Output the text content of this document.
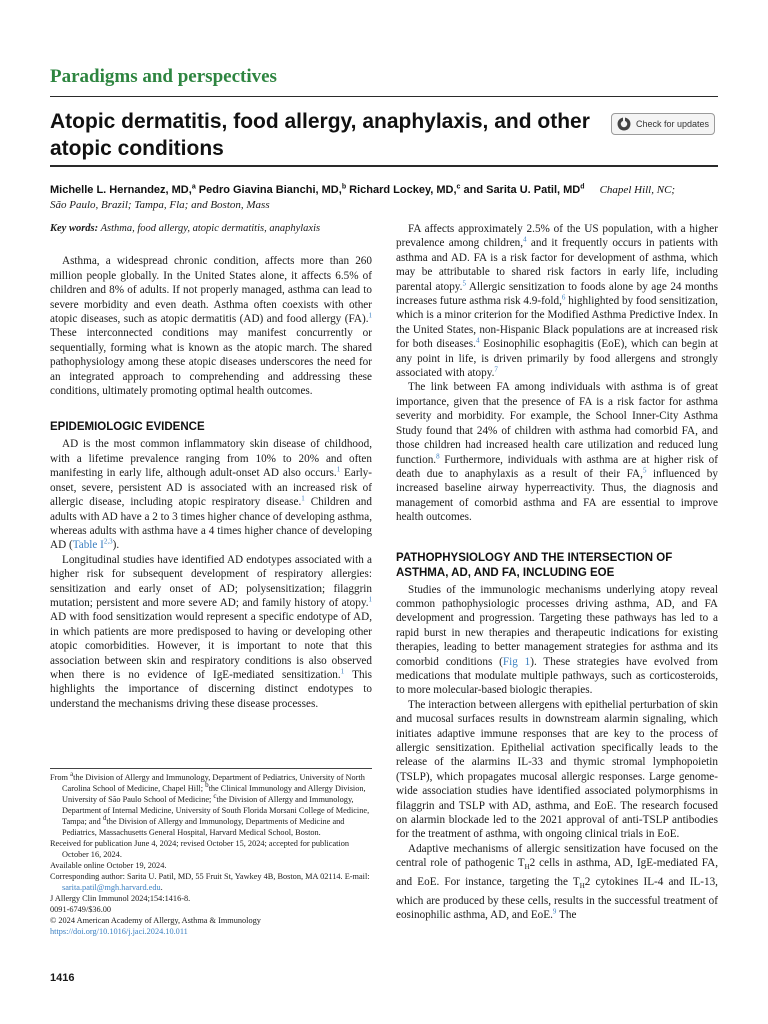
Paradigms and perspectives
Atopic dermatitis, food allergy, anaphylaxis, and other atopic conditions
Check for updates
Michelle L. Hernandez, MD,$^a$ Pedro Giavina Bianchi, MD,$^b$ Richard Lockey, MD,$^c$ and Sarita U. Patil, $MD^d$ Chapel Hill, NC;
São Paulo, Brazil; Tampa, Fla; and Boston, Mass
Key words: Asthma, food allergy, atopic dermatitis, anaphylaxis

Asthma, a widespread chronic condition, affects more than 260 million people globally. In the United States alone, it affects 6.5% of children and 8% of adults. If not properly managed, asthma can lead to severe morbidity and even death. Asthma often coexists with other atopic diseases, such as atopic dermatitis (AD) and food allergy (FA).$^1$ These interconnected conditions may manifest concurrently or sequentially, forming what is known as the atopic march. The shared pathophysiology among these atopic diseases underscores the need for an integrated approach to comprehending and addressing these conditions, ultimately promoting optimal health outcomes.

EPIDEMIOLOGIC EVIDENCE

AD is the most common inflammatory skin disease of childhood, with a lifetime prevalence ranging from 10% to 20% and often manifesting in early life, although adult-onset AD also occurs.$^1$ Early-onset, severe, persistent AD is associated with an increased risk of allergic disease, including atopic respiratory disease.$^1$ Children and adults with AD have a 2 to 3 times higher chance of developing asthma, whereas adults with asthma have a 4 times higher chance of developing AD (Table I$^{2,3}$).

Longitudinal studies have identified AD endotypes associated with a higher risk for subsequent development of respiratory allergies: sensitization and early onset of AD; polysensitization; filaggrin mutation; persistent and more severe AD; and family history of atopy.$^1$ AD with food sensitization would represent a specific endotype of AD, in which patients are more predisposed to having or developing other atopic comorbidities. However, it is important to note that this association between skin and respiratory conditions is also observed when there is no evidence of IgE-mediated sensitization.$^1$ This highlights the importance of discerning distinct endotypes to understand the mechanisms driving these disease processes.

From $^a$the Division of Allergy and Immunology, Department of Pediatrics, University of North Carolina School of Medicine, Chapel Hill; $^b$the Clinical Immunology and Allergy Division, University of São Paulo School of Medicine; $^c$the Division of Allergy and Immunology, Department of Internal Medicine, University of South Florida Morsani College of Medicine, Tampa; and $^d$the Division of Allergy and Immunology, Departments of Medicine and Pediatrics, Massachusetts General Hospital, Harvard Medical School, Boston.

Received for publication June 4, 2024; revised October 15, 2024; accepted for publication October 16, 2024.

Available online October 19, 2024.

Corresponding author: Sarita U. Patil, MD, 55 Fruit St, Yawkey 4B, Boston, MA 02114. E-mail: sarita.patil@mgh.harvard.edu.

J Allergy Clin Immunol 2024;154:1416-8.

0091-6749/$36.00

© 2024 American Academy of Allergy, Asthma & Immunology

https://doi.org/10.1016/j.jaci.2024.10.011

FA affects approximately 2.5% of the US population, with a higher prevalence among children,$^4$ and it frequently occurs in patients with asthma and AD. FA is a risk factor for development of asthma, which may be attributable to shared risk factors in early life, including parental atopy.$^5$ Allergic sensitization to foods alone by age 24 months increases future asthma risk 4.9-fold,$^6$ highlighted by food sensitization, which is a minor criterion for the Modified Asthma Predictive Index. In the United States, non-Hispanic Black populations are at increased risk for both diseases.$^4$ Eosinophilic esophagitis (EoE), which can begin at any point in life, is driven primarily by food allergens and strongly associated with atopy.$^7$

The link between FA among individuals with asthma is of great importance, given that the presence of FA is a risk factor for asthma severity and morbidity. For example, the School Inner-City Asthma Study found that 24% of children with asthma had comorbid FA, and those children had increased health care utilization and reduced lung function.$^8$ Furthermore, individuals with asthma are at higher risk of death due to anaphylaxis as a result of their FA,$^5$ influenced by increased baseline airway hyperreactivity. Thus, the diagnosis and management of comorbid asthma and FA are essential to improve health outcomes.

PATHOPHYSIOLOGY AND THE INTERSECTION OF ASTHMA, AD, AND FA, INCLUDING EOE

Studies of the immunologic mechanisms underlying atopy reveal common pathophysiologic processes driving asthma, AD, and FA development and progression. Targeting these pathways has led to a rapid burst in new therapies and therapeutic indications for existing therapies, leading to better management strategies for asthma and its comorbid conditions (Fig 1). These strategies have evolved from medications that modulate multiple pathways, such as corticosteroids, to more molecular-based biologic therapies.

The interaction between allergens with epithelial perturbation of skin and mucosal surfaces results in downstream alarmin signaling, which initiates adaptive immune responses that are key to the process of allergic sensitization. Epithelial activation specifically leads to the release of the alarmins IL-33 and thymic stromal lymphopoietin (TSLP), which propagates mucosal allergic responses. Large genome-wide association studies have identified associated polymorphisms in filaggrin and TSLP with AD, asthma, and EoE. The research focused on alarmin blockade led to the 2021 approval of anti-TSLP antibodies for the treatment of asthma, with ongoing clinical trials in EoE.

Adaptive mechanisms of allergic sensitization have focused on the central role of pathogenic $T_H2$ cells in asthma, AD, IgE-mediated FA, and EoE. For instance, targeting the $T_H2$ cytokines IL-4 and IL-13, which are produced by these cells, results in the successful treatment of eosinophilic asthma, AD, and EoE.$^9$ The

1416
